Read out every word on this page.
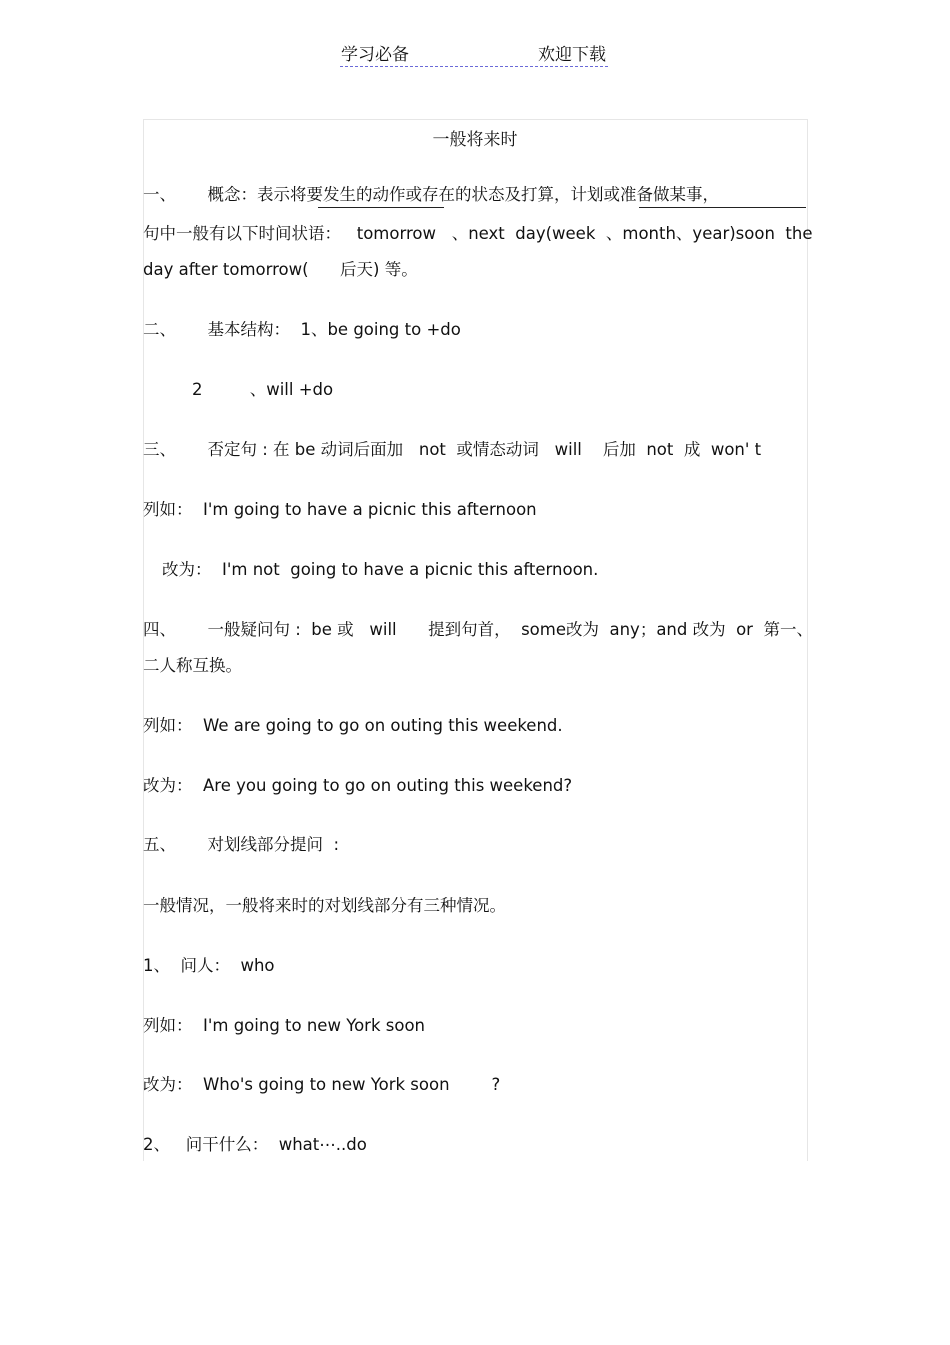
学习必备	欢迎下载
一般将来时
一、      概念：表示将要发生的动作或存在的状态及打算，计划或准备做某事，
句中一般有以下时间状语：   tomorrow   、next  day(week  、month、year)soon  the
day after tomorrow(      后天) 等。
二、      基本结构：  1、be going to +do
2         、will +do
三、      否定句 : 在 be 动词后面加   not  或情态动词   will    后加  not  成  won' t
列如：  I'm going to have a picnic this afternoon
改为：  I'm not  going to have a picnic this afternoon.
四、      一般疑问句 :  be 或   will      提到句首，  some改为  any；and 改为  or  第一、
二人称互换。
列如：  We are going to go on outing this weekend.
改为：  Are you going to go on outing this weekend?
五、      对划线部分提问  :
一般情况，一般将来时的对划线部分有三种情况。
1、  问人：  who
列如：  I'm going to new York soon
改为：  Who's going to new York soon        ?
2、   问干什么：  what⋯..do
